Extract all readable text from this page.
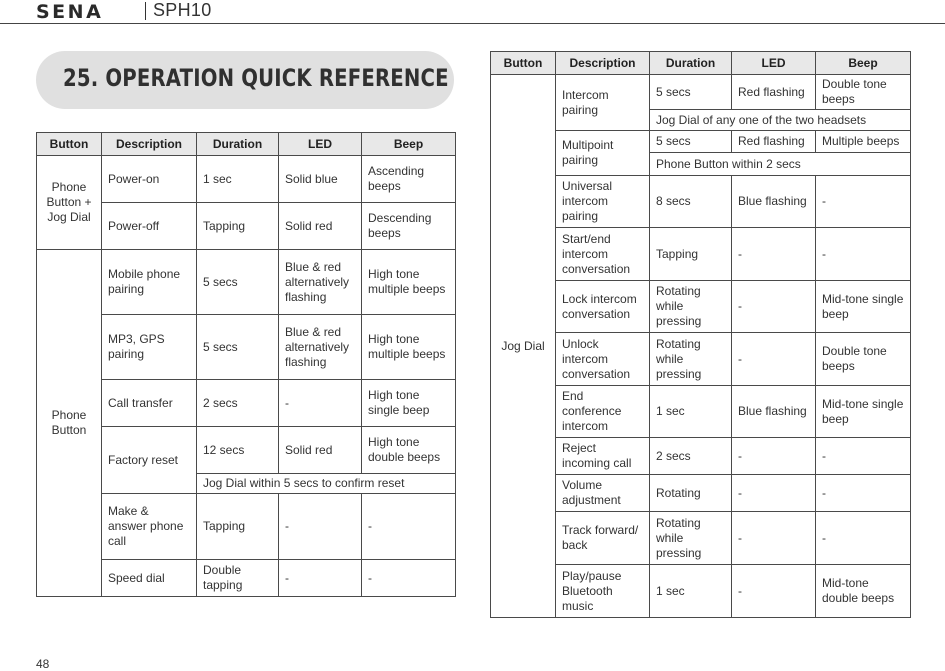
SENA	SPH10
25. OPERATION QUICK REFERENCE
Button	Description	Duration	LED	Beep
Phone Button + Jog Dial	Power-on	1 sec	Solid blue	Ascending beeps
	Power-off	Tapping	Solid red	Descending beeps
Phone Button	Mobile phone pairing	5 secs	Blue & red alternatively flashing	High tone multiple beeps
	MP3, GPS pairing	5 secs	Blue & red alternatively flashing	High tone multiple beeps
	Call transfer	2 secs	-	High tone single beep
	Factory reset	12 secs	Solid red	High tone double beeps
		Jog Dial within 5 secs to confirm reset		
	Make & answer phone call	Tapping	-	-
	Speed dial	Double tapping	-	-
Button	Description	Duration	LED	Beep
Jog Dial	Intercom pairing	5 secs	Red flashing	Double tone beeps
		Jog Dial of any one of the two headsets		
	Multipoint pairing	5 secs	Red flashing	Multiple beeps
		Phone Button within 2 secs		
	Universal intercom pairing	8 secs	Blue flashing	-
	Start/end intercom conversation	Tapping	-	-
	Lock intercom conversation	Rotating while pressing	-	Mid-tone single beep
	Unlock intercom conversation	Rotating while pressing	-	Double tone beeps
	End conference intercom	1 sec	Blue flashing	Mid-tone single beep
	Reject incoming call	2 secs	-	-
	Volume adjustment	Rotating	-	-
	Track forward/ back	Rotating while pressing	-	-
	Play/pause Bluetooth music	1 sec	-	Mid-tone double beeps
48
